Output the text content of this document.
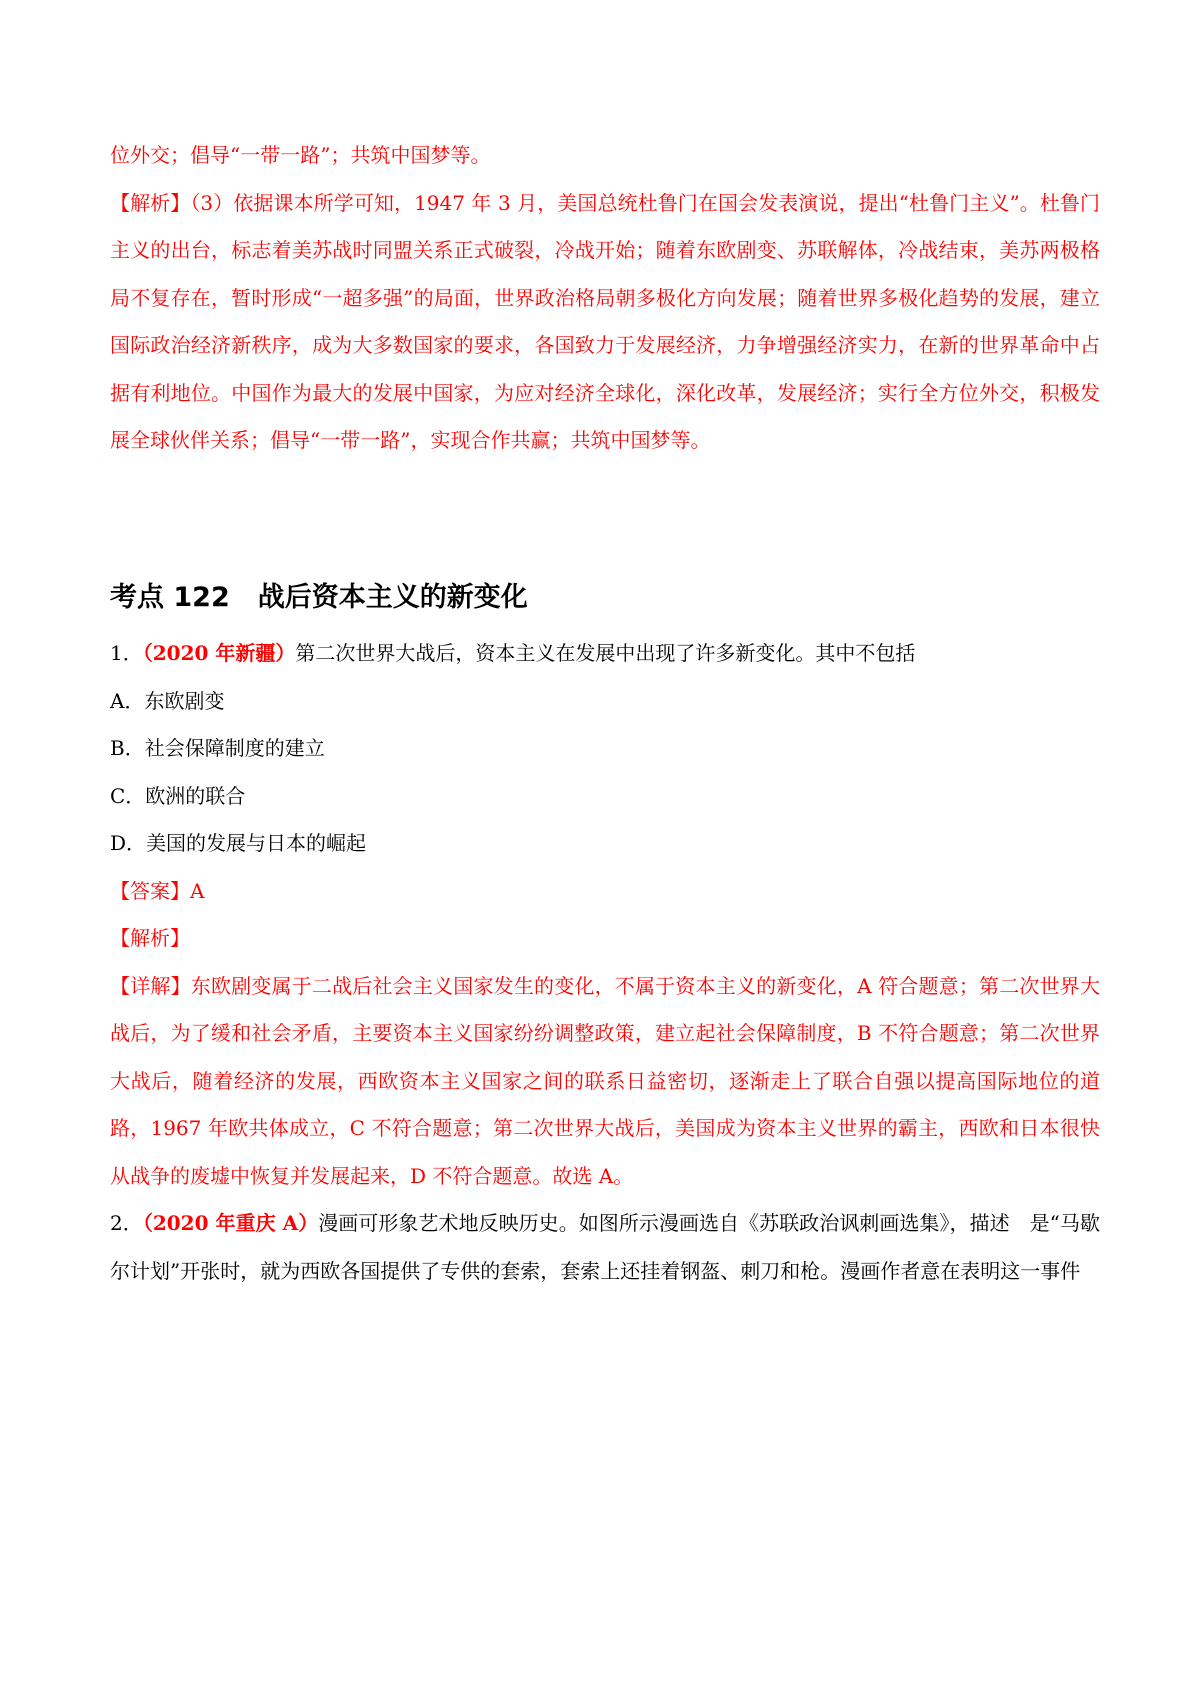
位外交；倡导“一带一路”；共筑中国梦等。

【解析】（3）依据课本所学可知，1947 年 3 月，美国总统杜鲁门在国会发表演说，提出“杜鲁门主义”。杜鲁门主义的出台，标志着美苏战时同盟关系正式破裂，冷战开始；随着东欧剧变、苏联解体，冷战结束，美苏两极格局不复存在，暂时形成“一超多强”的局面，世界政治格局朝多极化方向发展；随着世界多极化趋势的发展，建立国际政治经济新秩序，成为大多数国家的要求，各国致力于发展经济，力争增强经济实力，在新的世界革命中占据有利地位。中国作为最大的发展中国家，为应对经济全球化，深化改革，发展经济；实行全方位外交，积极发展全球伙伴关系；倡导“一带一路”，实现合作共赢；共筑中国梦等。

考点 122 战后资本主义的新变化

1．（2020 年新疆）第二次世界大战后，资本主义在发展中出现了许多新变化。其中不包括

A．东欧剧变

B．社会保障制度的建立

C．欧洲的联合

D．美国的发展与日本的崛起

【答案】A

【解析】

【详解】东欧剧变属于二战后社会主义国家发生的变化，不属于资本主义的新变化，A 符合题意；第二次世界大战后，为了缓和社会矛盾，主要资本主义国家纷纷调整政策，建立起社会保障制度，B 不符合题意；第二次世界大战后，随着经济的发展，西欧资本主义国家之间的联系日益密切，逐渐走上了联合自强以提高国际地位的道路，1967 年欧共体成立，C 不符合题意；第二次世界大战后，美国成为资本主义世界的霸主，西欧和日本很快从战争的废墟中恢复并发展起来，D 不符合题意。故选 A。

2．（2020 年重庆 A）漫画可形象艺术地反映历史。如图所示漫画选自《苏联政治讽刺画选集》，描述　是“马歇尔计划”开张时，就为西欧各国提供了专供的套索，套索上还挂着钢盔、刺刀和枪。漫画作者意在表明这一事件
